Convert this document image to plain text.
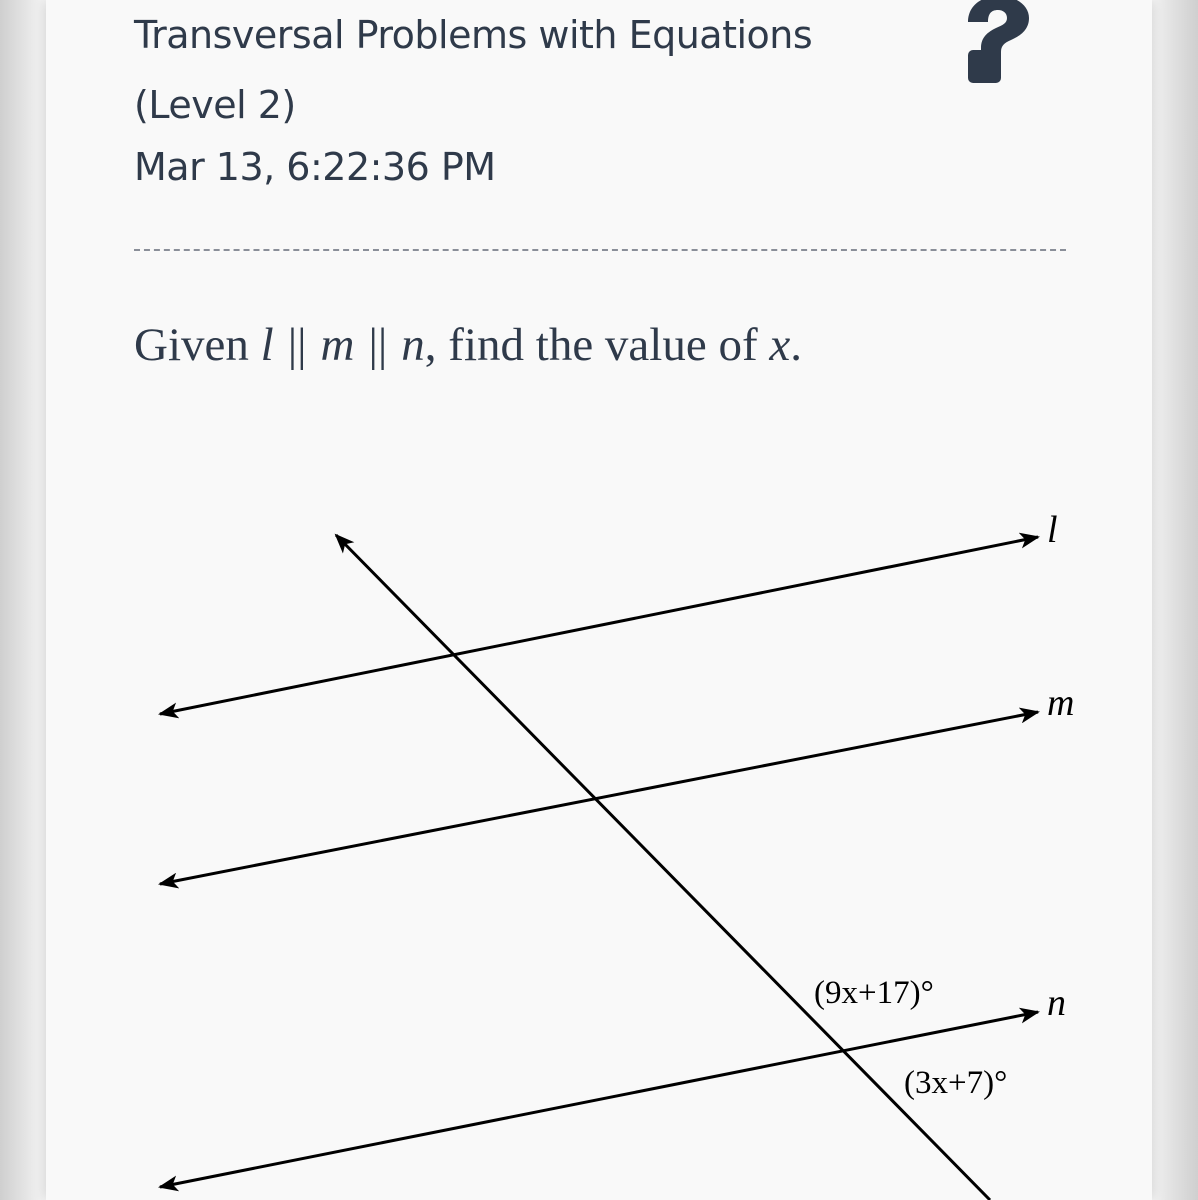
Transversal Problems with Equations (Level 2)
Mar 13, 6:22:36 PM
Given l || m || n, find the value of x.
l
m
n
(9x+17)°
(3x+7)°
